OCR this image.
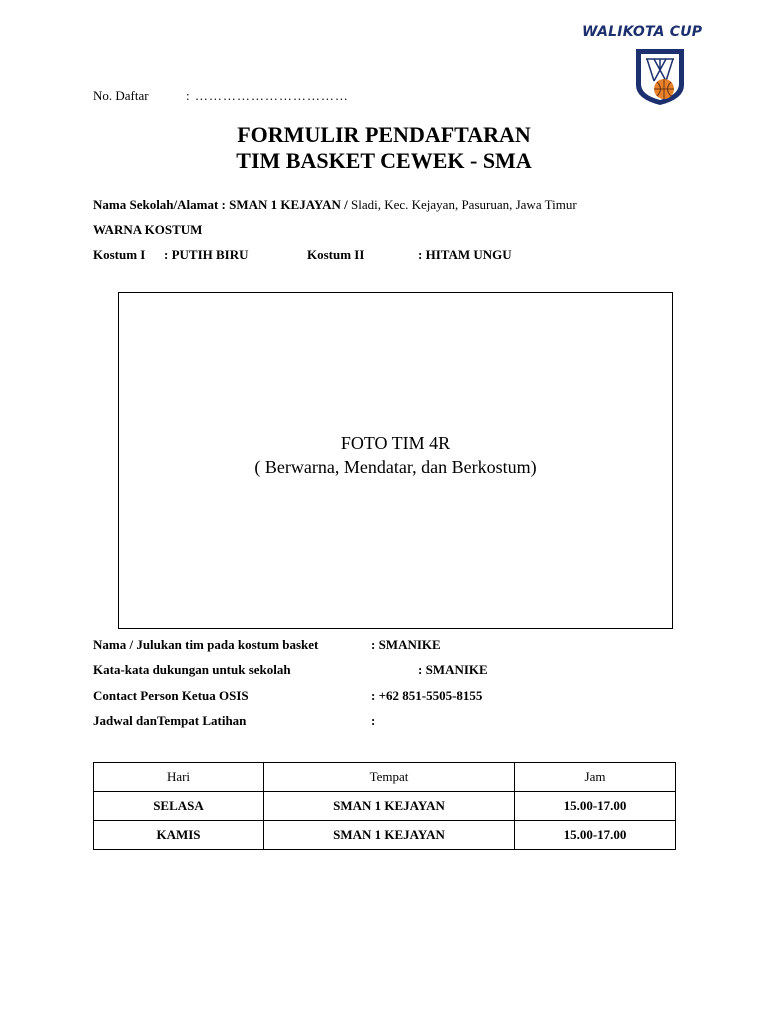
WALIKOTA CUP
No. Daftar	: ……………………………
FORMULIR PENDAFTARAN
TIM BASKET CEWEK - SMA
Nama Sekolah/Alamat : SMAN 1 KEJAYAN / Sladi, Kec. Kejayan, Pasuruan, Jawa Timur
WARNA KOSTUM
Kostum I : PUTIH BIRU	Kostum II	: HITAM UNGU
FOTO TIM 4R
( Berwarna, Mendatar, dan Berkostum)
Nama / Julukan tim pada kostum basket	: SMANIKE
Kata-kata dukungan untuk sekolah	: SMANIKE
Contact Person Ketua OSIS	: +62 851-5505-8155
Jadwal danTempat Latihan	:
Hari	Tempat	Jam
SELASA	SMAN 1 KEJAYAN	15.00-17.00
KAMIS	SMAN 1 KEJAYAN	15.00-17.00
